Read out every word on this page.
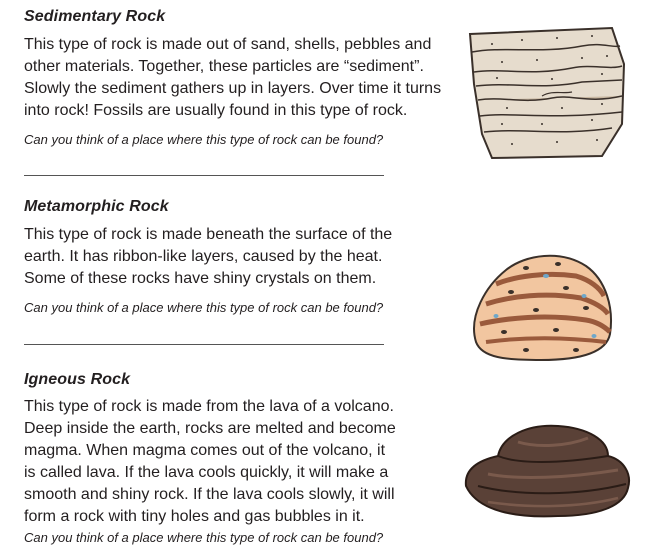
Sedimentary Rock
This type of rock is made out of sand, shells, pebbles and
other materials. Together, these particles are “sediment”.
Slowly the sediment gathers up in layers. Over time it turns
into rock! Fossils are usually found in this type of rock.
Can you think of a place where this type of rock can be found?
Metamorphic Rock
This type of rock is made beneath the surface of the
earth. It has ribbon-like layers, caused by the heat.
Some of these rocks have shiny crystals on them.
Can you think of a place where this type of rock can be found?
Igneous Rock
This type of rock is made from the lava of a volcano.
Deep inside the earth, rocks are melted and become
magma. When magma comes out of the volcano, it
is called lava. If the lava cools quickly, it will make a
smooth and shiny rock. If the lava cools slowly, it will
form a rock with tiny holes and gas bubbles in it.
Can you think of a place where this type of rock can be found?
